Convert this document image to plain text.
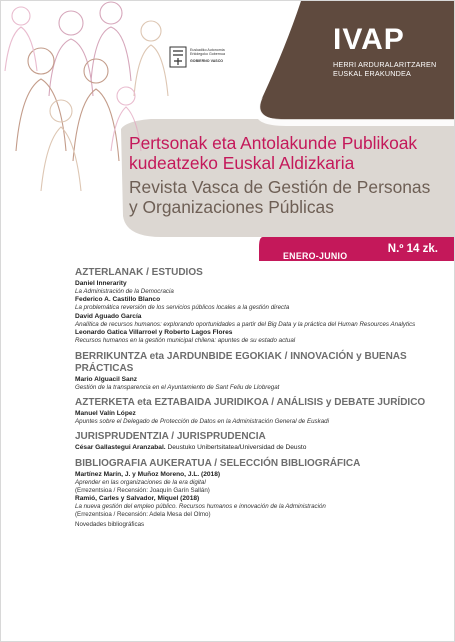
Euskadiko Autonomia
Erkidegoko Gobernua
GOBIERNO VASCO
IVAP
HERRI ARDURALARITZAREN
EUSKAL ERAKUNDEA
Pertsonak eta Antolakunde Publikoak
kudeatzeko Euskal Aldizkaria
Revista Vasca de Gestión de Personas
y Organizaciones Públicas
ENERO-JUNIO
URTARRILA-EKAINA
N.º 14 zk.
2018
AZTERLANAK / ESTUDIOS
Daniel Innerarity
La Administración de la Democracia
Federico A. Castillo Blanco
La problemática reversión de los servicios públicos locales a la gestión directa
David Aguado García
Analítica de recursos humanos: explorando oportunidades a partir del Big Data y la práctica del Human Resources Analytics
Leonardo Gatica Villarroel y Roberto Lagos Flores
Recursos humanos en la gestión municipal chilena: apuntes de su estado actual
BERRIKUNTZA eta JARDUNBIDE EGOKIAK / INNOVACIÓN y BUENAS PRÁCTICAS
Mario Alguacil Sanz
Gestión de la transparencia en el Ayuntamiento de Sant Feliu de Llobregat
AZTERKETA eta EZTABAIDA JURIDIKOA / ANÁLISIS y DEBATE JURÍDICO
Manuel Valín López
Apuntes sobre el Delegado de Protección de Datos en la Administración General de Euskadi
JURISPRUDENTZIA / JURISPRUDENCIA
César Gallastegui Aranzabal. Deustuko Unibertsitatea/Universidad de Deusto
BIBLIOGRAFIA AUKERATUA / SELECCIÓN BIBLIOGRÁFICA
Martínez Marín, J. y Muñoz Moreno, J.L. (2018)
Aprender en las organizaciones de la era digital
(Errezentsioa / Recensión: Joaquín Garín Sallán)
Ramió, Carles y Salvador, Miquel (2018)
La nueva gestión del empleo público. Recursos humanos e innovación de la Administración
(Errezentsioa / Recensión: Adela Mesa del Olmo)
Novedades bibliográficas
